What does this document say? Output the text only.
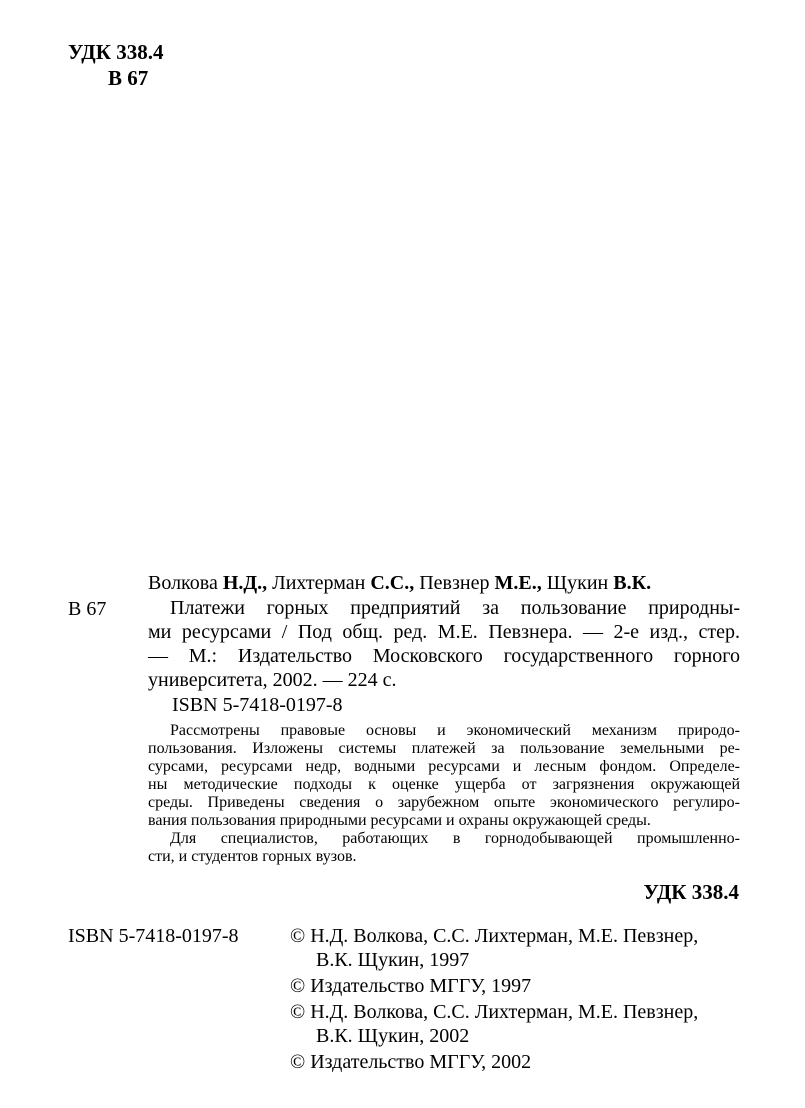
УДК 338.4
В 67
Волкова Н.Д., Лихтерман С.С., Певзнер М.Е., Щукин В.К.
В 67	Платежи горных предприятий за пользование природны-
ми ресурсами / Под общ. ред. М.Е. Певзнера. — 2-е изд., стер.
— М.: Издательство Московского государственного горного
университета, 2002. — 224 с.
ISBN 5-7418-0197-8
Рассмотрены правовые основы и экономический механизм природо-
пользования. Изложены системы платежей за пользование земельными ре-
сурсами, ресурсами недр, водными ресурсами и лесным фондом. Определе-
ны методические подходы к оценке ущерба от загрязнения окружающей
среды. Приведены сведения о зарубежном опыте экономического регулиро-
вания пользования природными ресурсами и охраны окружающей среды.
Для специалистов, работающих в горнодобывающей промышленно-
сти, и студентов горных вузов.
УДК 338.4
ISBN 5-7418-0197-8	© Н.Д. Волкова, С.С. Лихтерман, М.Е. Певзнер,
В.К. Щукин, 1997
© Издательство МГГУ, 1997
© Н.Д. Волкова, С.С. Лихтерман, М.Е. Певзнер,
В.К. Щукин, 2002
© Издательство МГГУ, 2002
